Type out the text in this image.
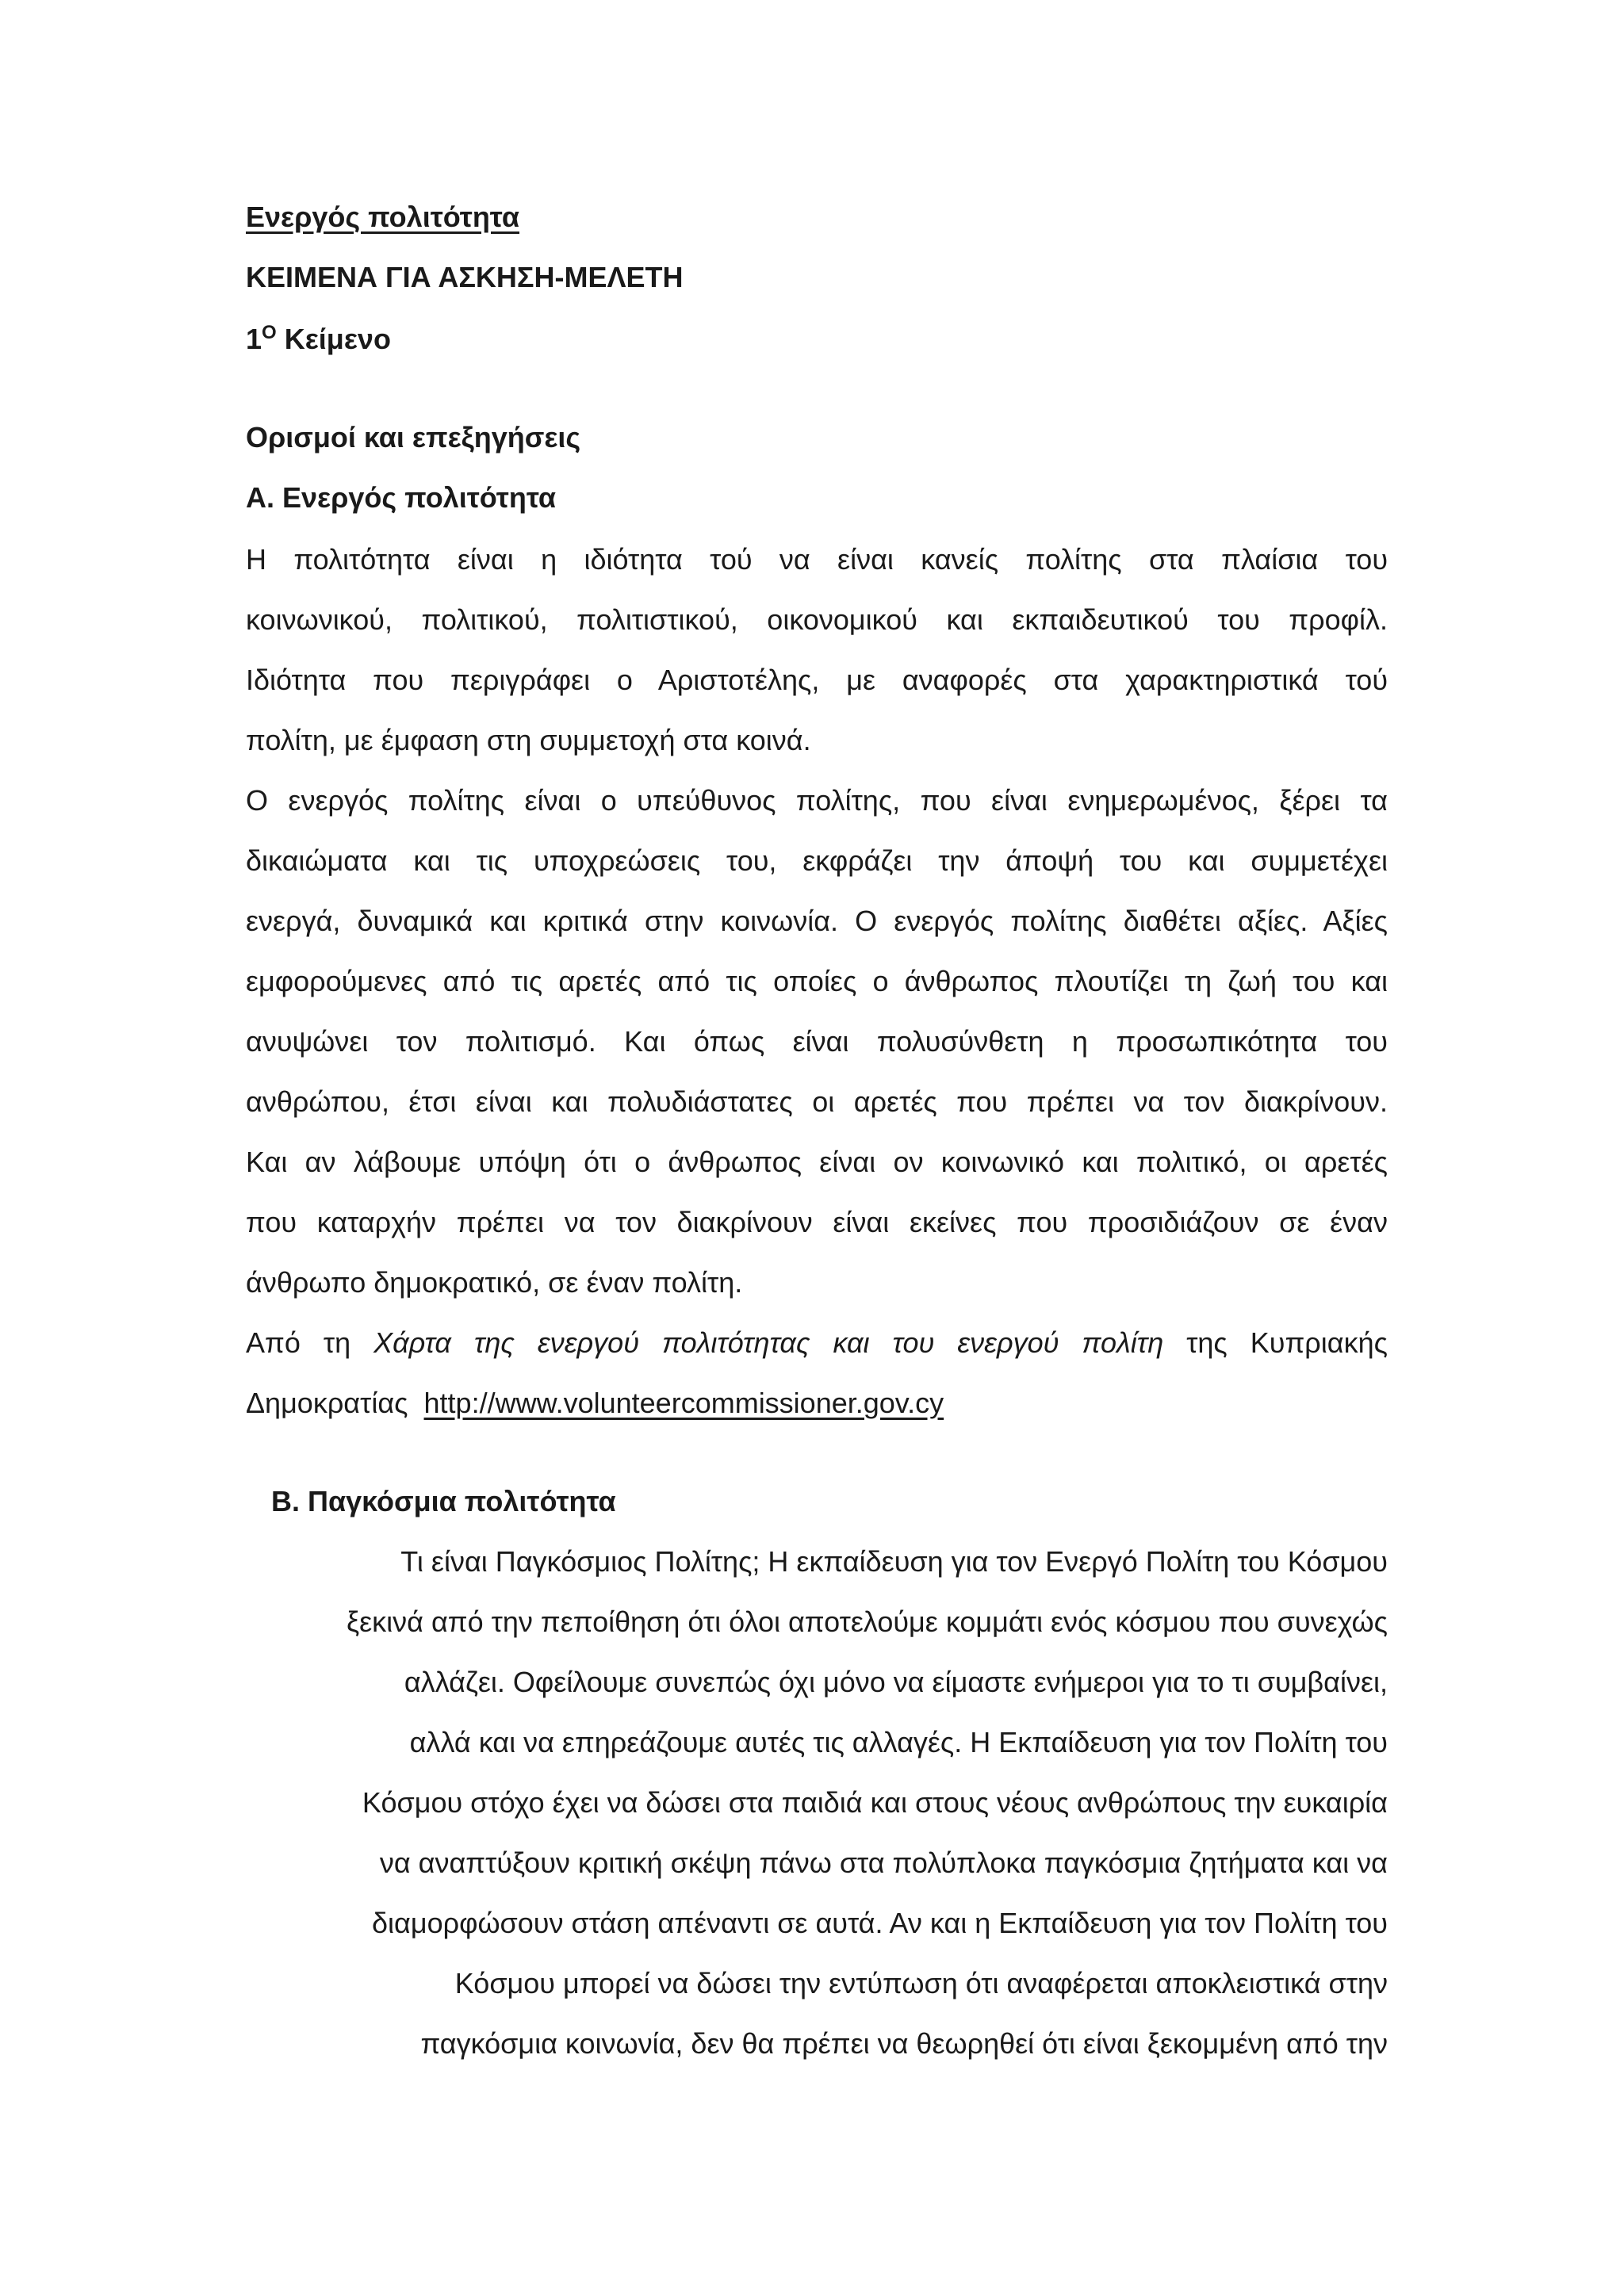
Ενεργός πολιτότητα
ΚΕΙΜΕΝΑ ΓΙΑ ΑΣΚΗΣΗ-ΜΕΛΕΤΗ
$1^O$ Κείμενο
Ορισμοί και επεξηγήσεις
Α. Ενεργός πολιτότητα
Η πολιτότητα είναι η ιδιότητα τού να είναι κανείς πολίτης στα πλαίσια του
κοινωνικού, πολιτικού, πολιτιστικού, οικονομικού και εκπαιδευτικού του προφίλ.
Ιδιότητα που περιγράφει ο Αριστοτέλης, με αναφορές στα χαρακτηριστικά τού
πολίτη, με έμφαση στη συμμετοχή στα κοινά.
Ο ενεργός πολίτης είναι ο υπεύθυνος πολίτης, που είναι ενημερωμένος, ξέρει τα
δικαιώματα και τις υποχρεώσεις του, εκφράζει την άποψή του και συμμετέχει
ενεργά, δυναμικά και κριτικά στην κοινωνία. Ο ενεργός πολίτης διαθέτει αξίες. Αξίες
εμφορούμενες από τις αρετές από τις οποίες ο άνθρωπος πλουτίζει τη ζωή του και
ανυψώνει τον πολιτισμό. Και όπως είναι πολυσύνθετη η προσωπικότητα του
ανθρώπου, έτσι είναι και πολυδιάστατες οι αρετές που πρέπει να τον διακρίνουν.
Και αν λάβουμε υπόψη ότι ο άνθρωπος είναι ον κοινωνικό και πολιτικό, οι αρετές
που καταρχήν πρέπει να τον διακρίνουν είναι εκείνες που προσιδιάζουν σε έναν
άνθρωπο δημοκρατικό, σε έναν πολίτη.
Από τη Χάρτα της ενεργού πολιτότητας και του ενεργού πολίτη της Κυπριακής
Δημοκρατίας http://www.volunteercommissioner.gov.cy
Β. Παγκόσμια πολιτότητα
Τι είναι Παγκόσμιος Πολίτης; Η εκπαίδευση για τον Ενεργό Πολίτη του Κόσμου
ξεκινά από την πεποίθηση ότι όλοι αποτελούμε κομμάτι ενός κόσμου που συνεχώς
αλλάζει. Οφείλουμε συνεπώς όχι μόνο να είμαστε ενήμεροι για το τι συμβαίνει,
αλλά και να επηρεάζουμε αυτές τις αλλαγές. Η Εκπαίδευση για τον Πολίτη του
Κόσμου στόχο έχει να δώσει στα παιδιά και στους νέους ανθρώπους την ευκαιρία
να αναπτύξουν κριτική σκέψη πάνω στα πολύπλοκα παγκόσμια ζητήματα και να
διαμορφώσουν στάση απέναντι σε αυτά. Αν και η Εκπαίδευση για τον Πολίτη του
Κόσμου μπορεί να δώσει την εντύπωση ότι αναφέρεται αποκλειστικά στην
παγκόσμια κοινωνία, δεν θα πρέπει να θεωρηθεί ότι είναι ξεκομμένη από την
